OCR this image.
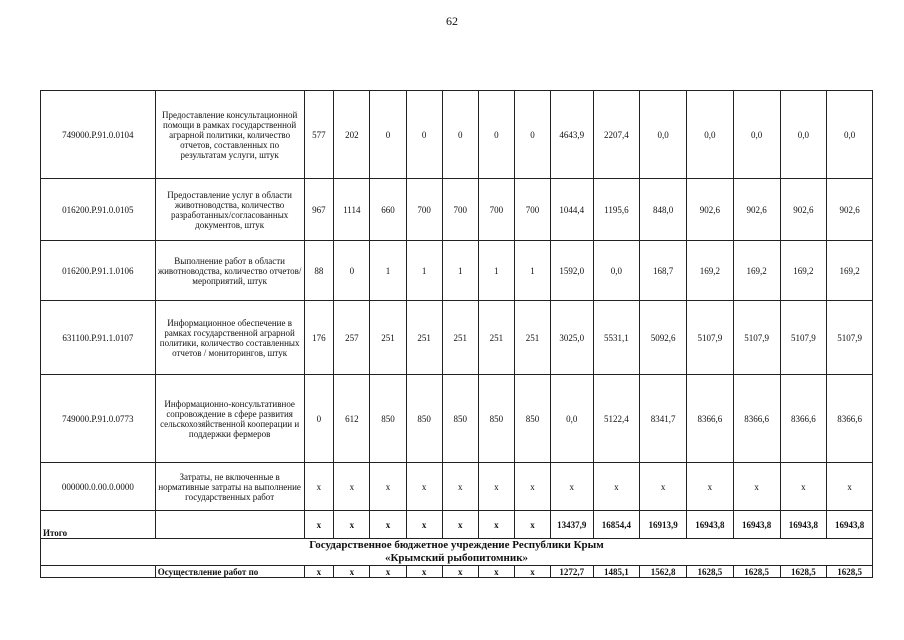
62
749000.Р.91.0.0104	Предоставление консультационной помощи в рамках государственной аграрной политики, количество отчетов, составленных по результатам услуги, штук	577	202	0	0	0	0	0	4643,9	2207,4	0,0	0,0	0,0	0,0	0,0
016200.Р.91.0.0105	Предоставление услуг в области животноводства, количество разработанных/согласованных документов, штук	967	1114	660	700	700	700	700	1044,4	1195,6	848,0	902,6	902,6	902,6	902,6
016200.Р.91.1.0106	Выполнение работ в области животноводства, количество отчетов/мероприятий, штук	88	0	1	1	1	1	1	1592,0	0,0	168,7	169,2	169,2	169,2	169,2
631100.Р.91.1.0107	Информационное обеспечение в рамках государственной аграрной политики, количество составленных отчетов / мониторингов, штук	176	257	251	251	251	251	251	3025,0	5531,1	5092,6	5107,9	5107,9	5107,9	5107,9
749000.Р.91.0.0773	Информационно-консультативное сопровождение в сфере развития сельскохозяйственной кооперации и поддержки фермеров	0	612	850	850	850	850	850	0,0	5122,4	8341,7	8366,6	8366,6	8366,6	8366,6
000000.0.00.0.0000	Затраты, не включенные в нормативные затраты на выполнение государственных работ	x	x	x	x	x	x	x	x	x	x	x	x	x	x
Итого		x	x	x	x	x	x	x	13437,9	16854,4	16913,9	16943,8	16943,8	16943,8	16943,8

Государственное бюджетное учреждение Республики Крым
«Крымский рыбопитомник»															

	Осуществление работ по	x	x	x	x	x	x	x	1272,7	1485,1	1562,8	1628,5	1628,5	1628,5	1628,5
